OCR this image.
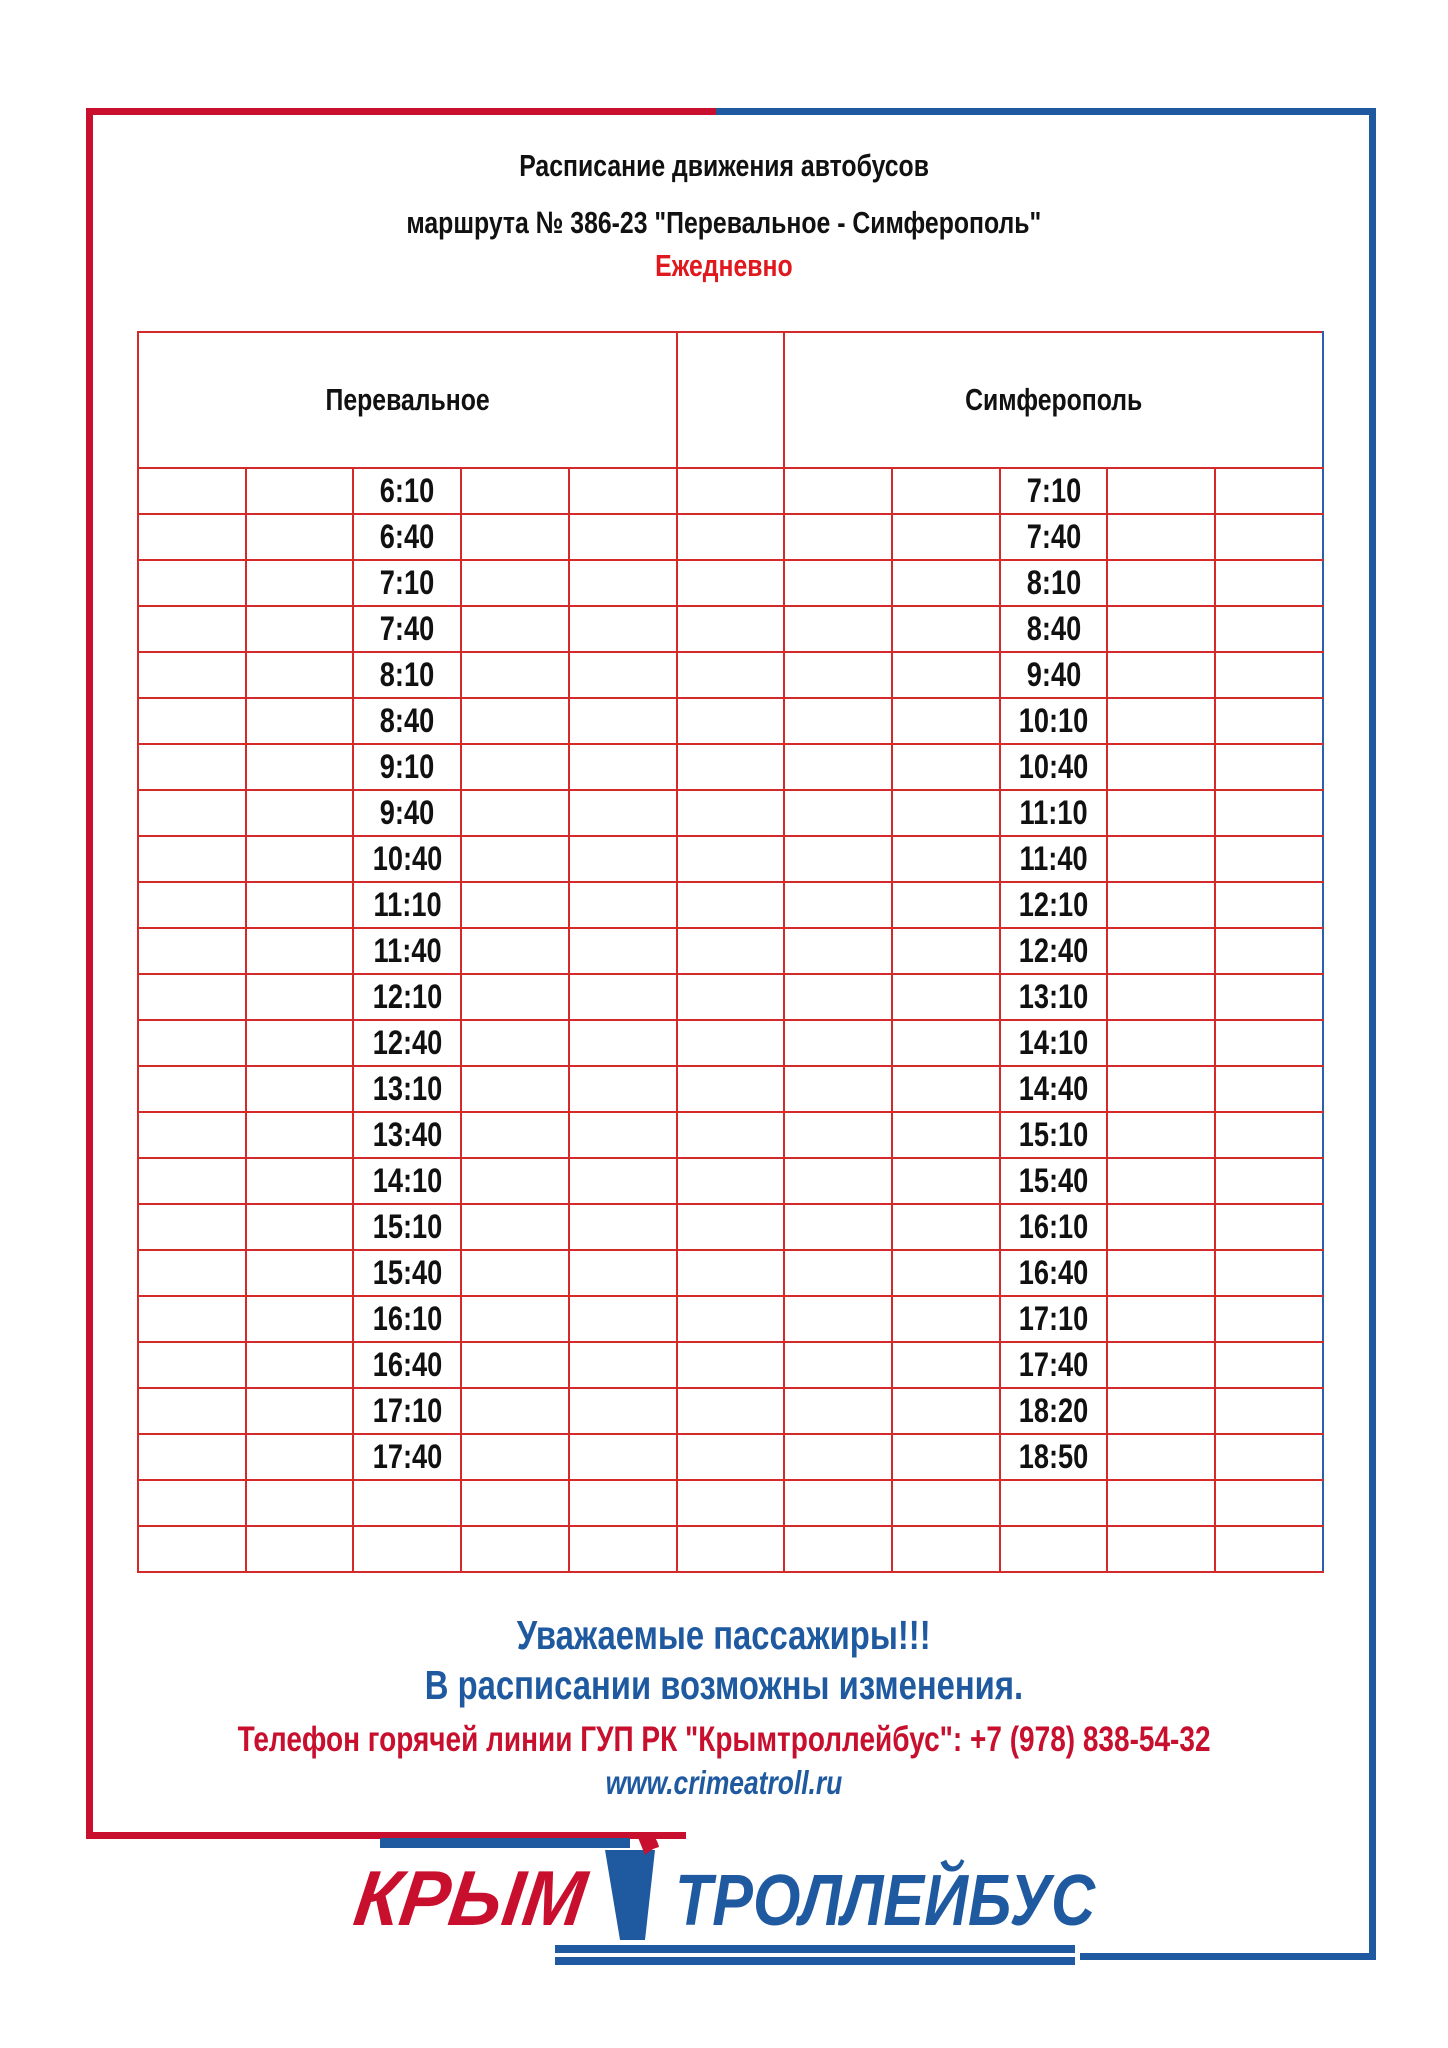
Расписание движения автобусов
маршрута № 386-23 "Перевальное - Симферополь"
Ежедневно
Перевальное						Симферополь				
		6:10						7:10		
		6:40						7:40		
		7:10						8:10		
		7:40						8:40		
		8:10						9:40		
		8:40						10:10		
		9:10						10:40		
		9:40						11:10		
		10:40						11:40		
		11:10						12:10		
		11:40						12:40		
		12:10						13:10		
		12:40						14:10		
		13:10						14:40		
		13:40						15:10		
		14:10						15:40		
		15:10						16:10		
		15:40						16:40		
		16:10						17:10		
		16:40						17:40		
		17:10						18:20		
		17:40						18:50		

Уважаемые пассажиры!!!
В расписании возможны изменения.
Телефон горячей линии ГУП РК "Крымтроллейбус": +7 (978) 838-54-32
www.crimeatroll.ru
КРЫМ ТРОЛЛЕЙБУС
